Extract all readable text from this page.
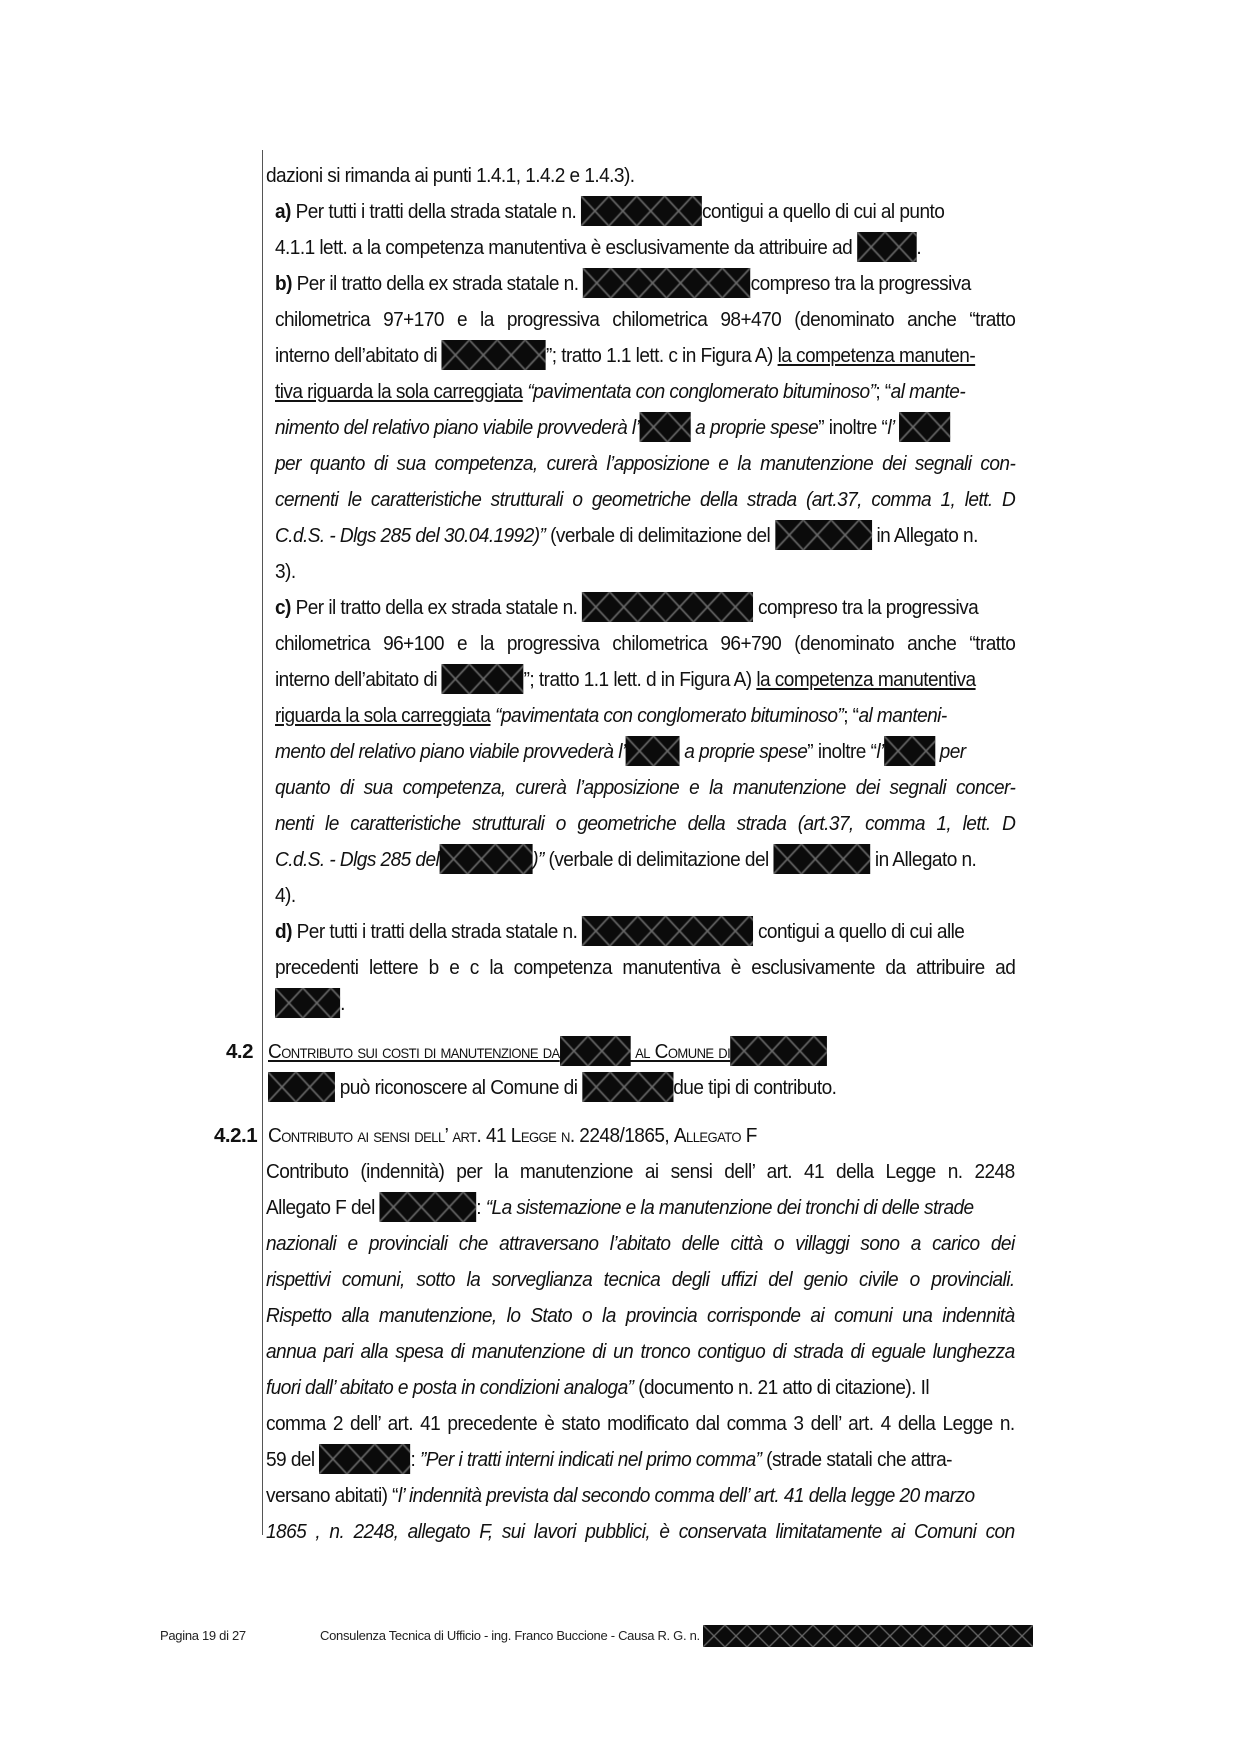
dazioni si rimanda ai punti 1.4.1, 1.4.2 e 1.4.3).
a) Per tutti i tratti della strada statale n.	contigui a quello di cui al punto
4.1.1 lett. a la competenza manutentiva è esclusivamente da attribuire ad	.
b) Per il tratto della ex strada statale n.	compreso tra la progressiva
chilometrica 97+170 e la progressiva chilometrica 98+470 (denominato anche “tratto
interno dell’abitato di	”; tratto 1.1 lett. c in Figura A) la competenza manuten-
tiva riguarda la sola carreggiata “pavimentata con conglomerato bituminoso”; “al mante-
nimento del relativo piano viabile provvederà l’	a proprie spese” inoltre “l’
per quanto di sua competenza, curerà l’apposizione e la manutenzione dei segnali con-
cernenti le caratteristiche strutturali o geometriche della strada (art.37, comma 1, lett. D
C.d.S. - Dlgs 285 del 30.04.1992)” (verbale di delimitazione del	in Allegato n.
3).
c) Per il tratto della ex strada statale n.	compreso tra la progressiva
chilometrica 96+100 e la progressiva chilometrica 96+790 (denominato anche “tratto
interno dell’abitato di	”; tratto 1.1 lett. d in Figura A) la competenza manutentiva
riguarda la sola carreggiata “pavimentata con conglomerato bituminoso”; “al manteni-
mento del relativo piano viabile provvederà l’	a proprie spese” inoltre “l’	per
quanto di sua competenza, curerà l’apposizione e la manutenzione dei segnali concer-
nenti le caratteristiche strutturali o geometriche della strada (art.37, comma 1, lett. D
C.d.S. - Dlgs 285 del	)” (verbale di delimitazione del	in Allegato n.
4).
d) Per tutti i tratti della strada statale n.	contigui a quello di cui alle
precedenti lettere b e c la competenza manutentiva è esclusivamente da attribuire ad
.
4.2 Contributo sui costi di manutenzione da	al Comune di
può riconoscere al Comune di	due tipi di contributo.
4.2.1 Contributo ai sensi dell’ art. 41 Legge n. 2248/1865, Allegato F
Contributo (indennità) per la manutenzione ai sensi dell’ art. 41 della Legge n. 2248
Allegato F del	: “La sistemazione e la manutenzione dei tronchi di delle strade
nazionali e provinciali che attraversano l’abitato delle città o villaggi sono a carico dei
rispettivi comuni, sotto la sorveglianza tecnica degli uffizi del genio civile o provinciali.
Rispetto alla manutenzione, lo Stato o la provincia corrisponde ai comuni una indennità
annua pari alla spesa di manutenzione di un tronco contiguo di strada di eguale lunghezza
fuori dall’ abitato e posta in condizioni analoga” (documento n. 21 atto di citazione). Il
comma 2 dell’ art. 41 precedente è stato modificato dal comma 3 dell’ art. 4 della Legge n.
59 del	: ”Per i tratti interni indicati nel primo comma” (strade statali che attra-
versano abitati) “l’ indennità prevista dal secondo comma dell’ art. 41 della legge 20 marzo
1865 , n. 2248, allegato F, sui lavori pubblici, è conservata limitatamente ai Comuni con
Pagina 19 di 27	Consulenza Tecnica di Ufficio - ing. Franco Buccione - Causa R. G. n.
